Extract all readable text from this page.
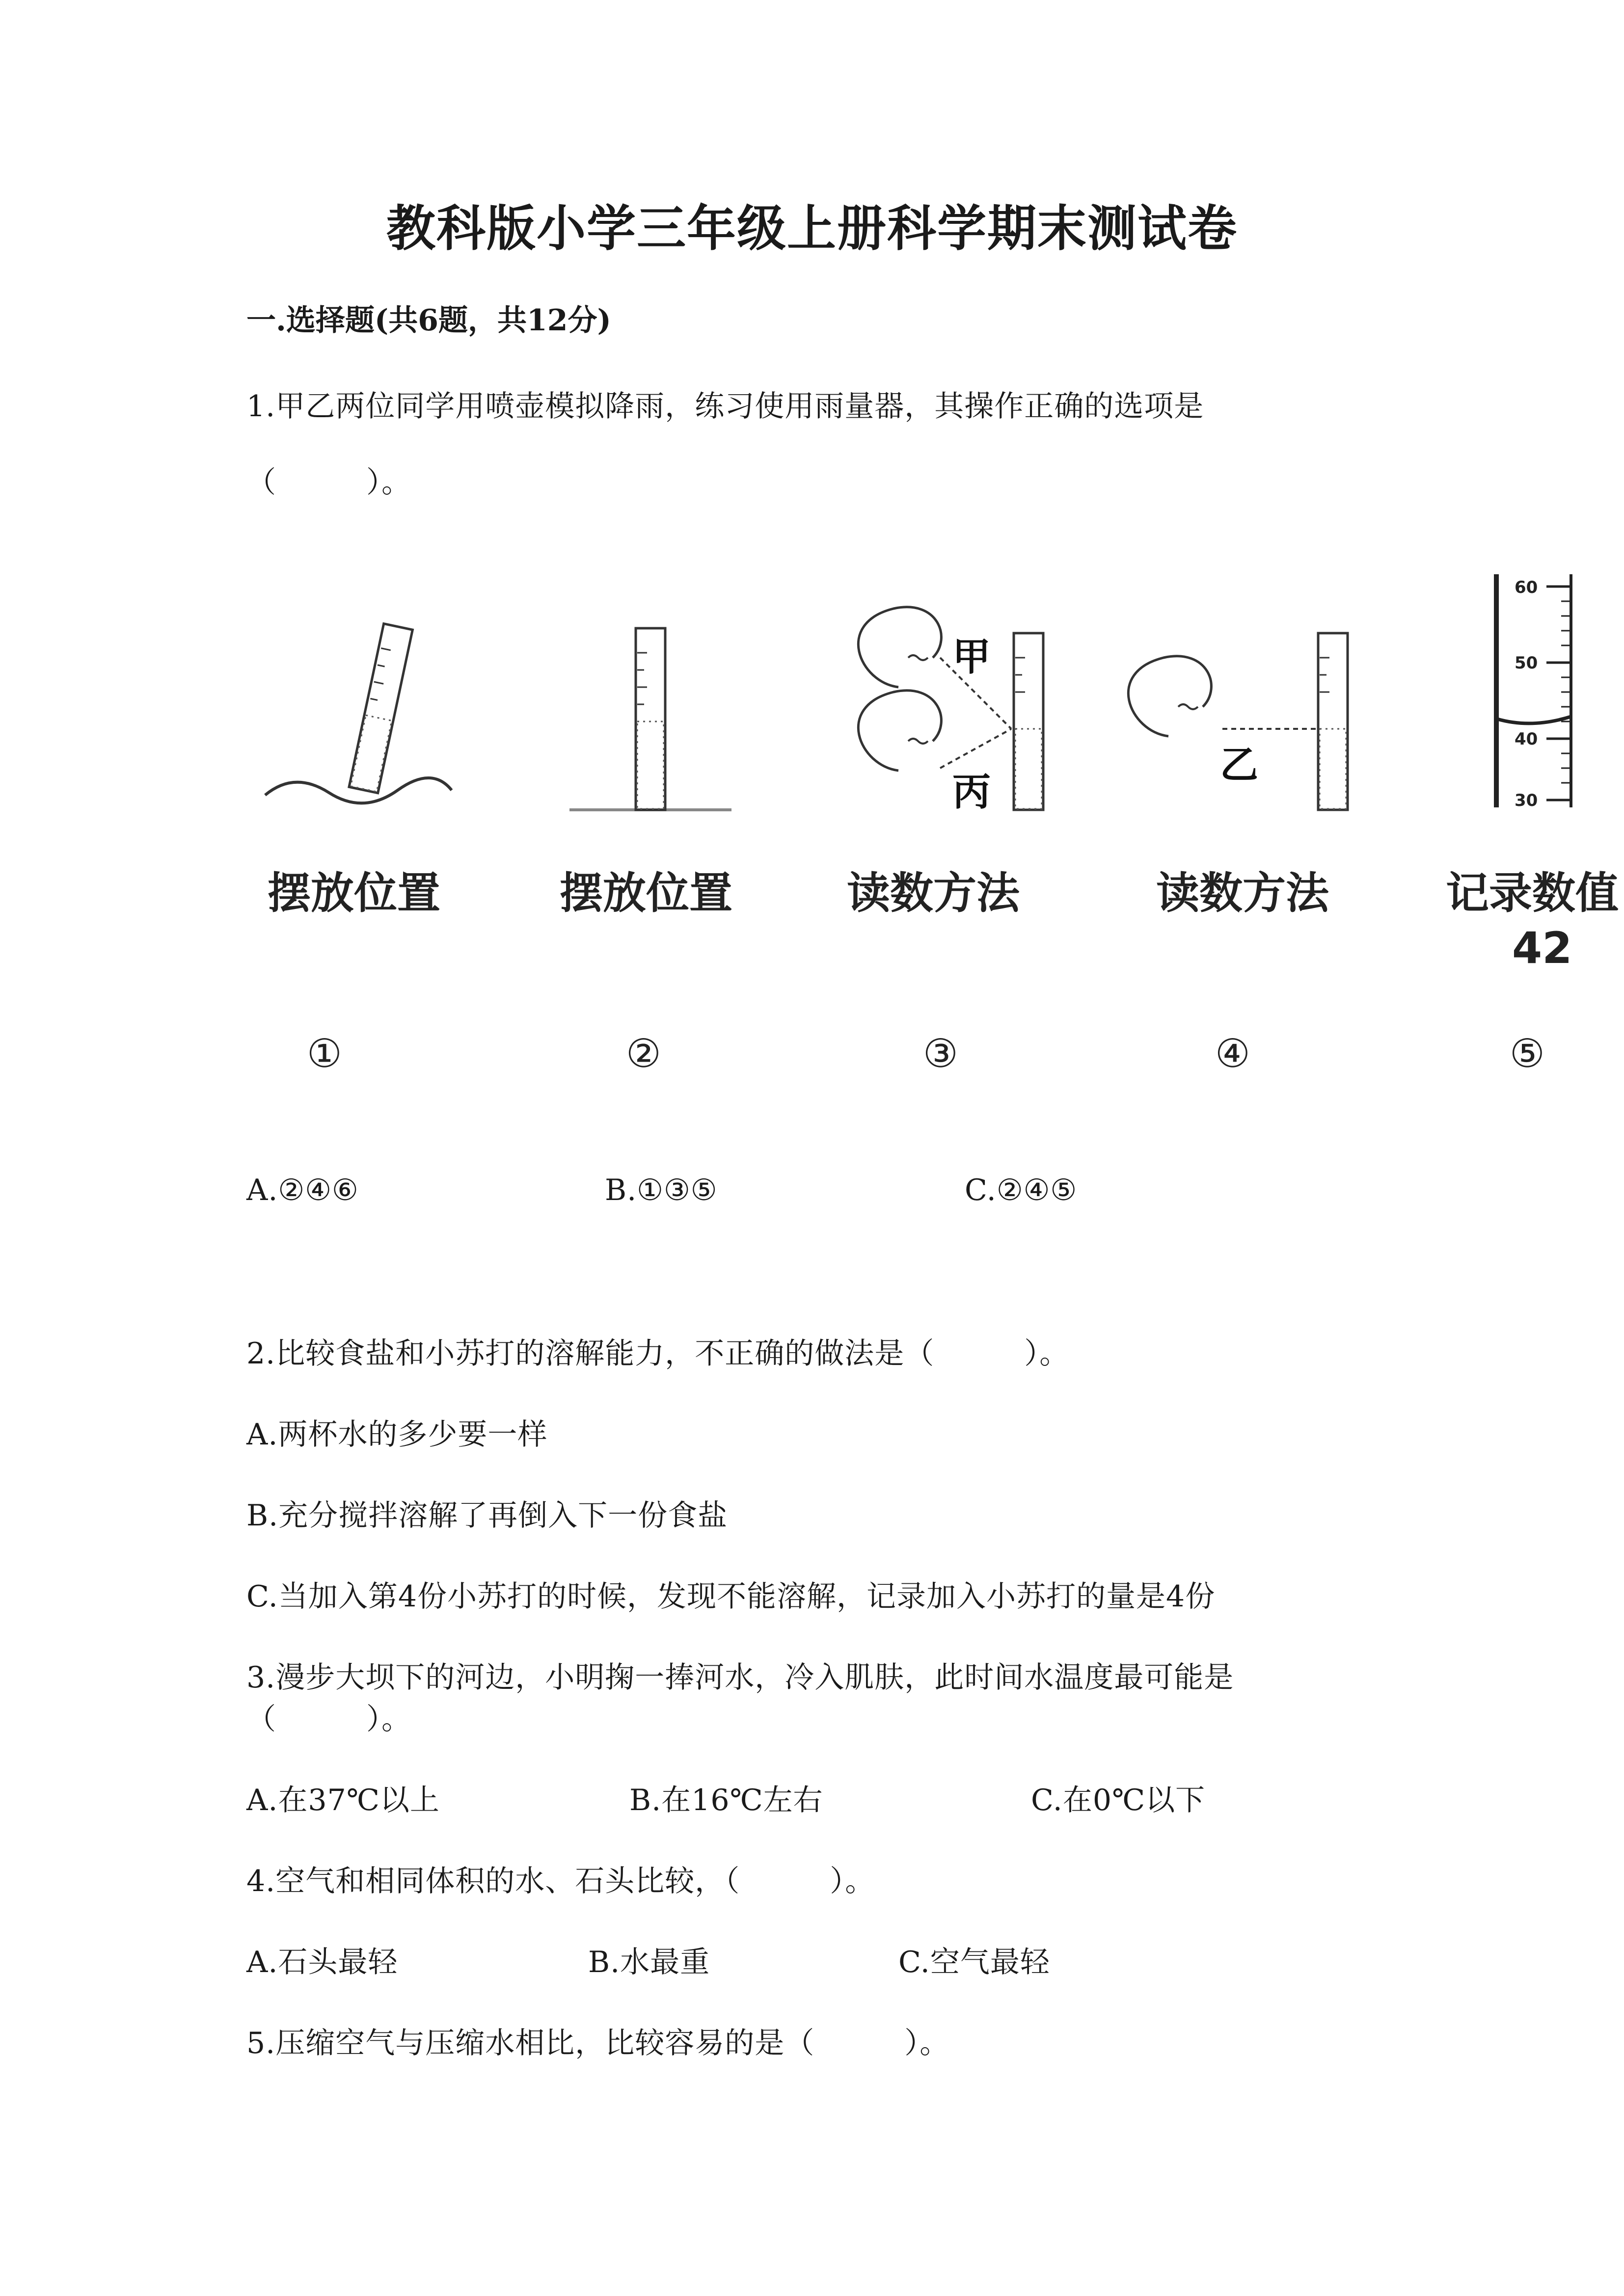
教科版小学三年级上册科学期末测试卷
一.选择题(共6题，共12分)
1.甲乙两位同学用喷壶模拟降雨，练习使用雨量器，其操作正确的选项是
（　　　）。
甲
丙
乙
60
50
40
30
摆放位置	摆放位置	读数方法	读数方法	记录数值
42
①	②	③	④	⑤
A.②④⑥	B.①③⑤	C.②④⑤
2.比较食盐和小苏打的溶解能力，不正确的做法是（　　　）。
A.两杯水的多少要一样
B.充分搅拌溶解了再倒入下一份食盐
C.当加入第4份小苏打的时候，发现不能溶解，记录加入小苏打的量是4份
3.漫步大坝下的河边，小明掬一捧河水，冷入肌肤，此时间水温度最可能是
（　　　）。
A.在37℃以上	B.在16℃左右	C.在0℃以下
4.空气和相同体积的水、石头比较，（　　　）。
A.石头最轻	B.水最重	C.空气最轻
5.压缩空气与压缩水相比，比较容易的是（　　　）。
